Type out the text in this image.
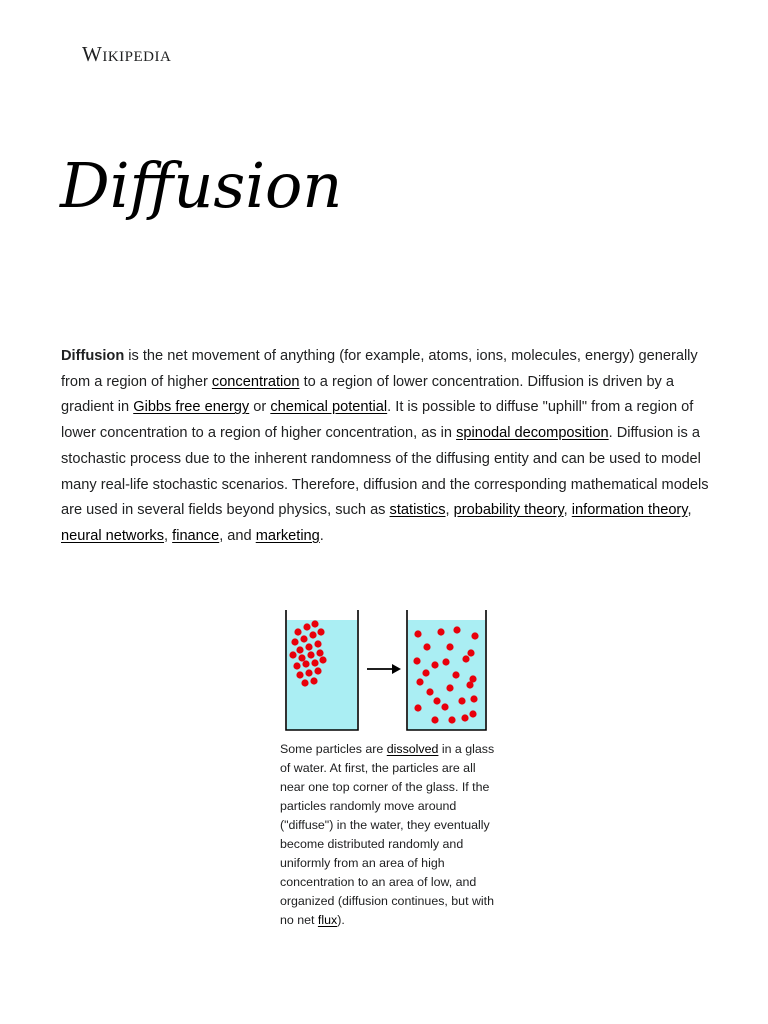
Wikipedia
Diffusion

Diffusion is the net movement of anything (for example, atoms, ions, molecules, energy) generally from a region of higher concentration to a region of lower concentration. Diffusion is driven by a gradient in Gibbs free energy or chemical potential. It is possible to diffuse "uphill" from a region of lower concentration to a region of higher concentration, as in spinodal decomposition. Diffusion is a stochastic process due to the inherent randomness of the diffusing entity and can be used to model many real-life stochastic scenarios. Therefore, diffusion and the corresponding mathematical models are used in several fields beyond physics, such as statistics, probability theory, information theory, neural networks, finance, and marketing.

Some particles are dissolved in a glass of water. At first, the particles are all near one top corner of the glass. If the particles randomly move around ("diffuse") in the water, they eventually become distributed randomly and uniformly from an area of high concentration to an area of low, and organized (diffusion continues, but with no net flux).
